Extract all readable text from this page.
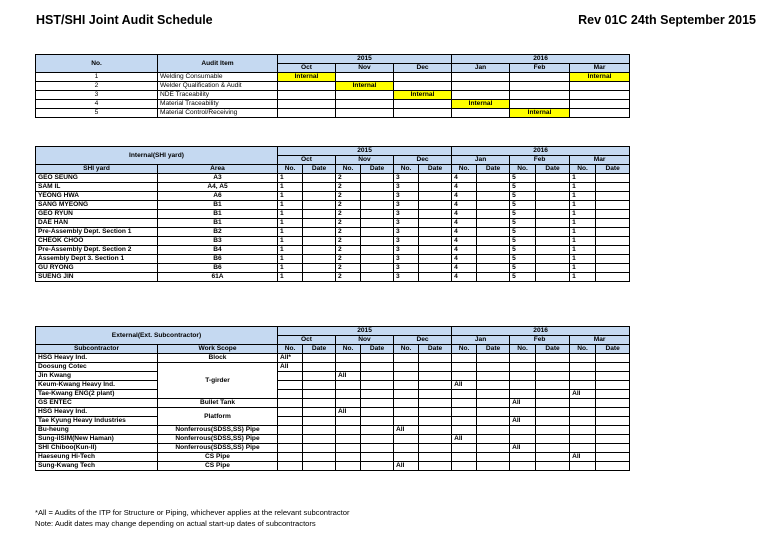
HST/SHI Joint Audit Schedule	Rev 01C 24th September 2015
No.	Audit Item	2015			2016		
		Oct	Nov	Dec	Jan	Feb	Mar
1	Welding Consumable	Internal					Internal
2	Welder Qualification & Audit		Internal				
3	NDE Traceability			Internal			
4	Material Traceability				Internal		
5	Material Control/Receiving					Internal	
Internal(SHI yard)		2015						2016					
		Oct		Nov		Dec		Jan		Feb		Mar	
SHI yard	Area	No.	Date	No.	Date	No.	Date	No.	Date	No.	Date	No.	Date
GEO SEUNG	A3	1		2		3		4		5		1	
SAM IL	A4, A5	1		2		3		4		5		1	
YEONG HWA	A6	1		2		3		4		5		1	
SANG MYEONG	B1	1		2		3		4		5		1	
GEO RYUN	B1	1		2		3		4		5		1	
DAE HAN	B1	1		2		3		4		5		1	
Pre-Assembly Dept. Section 1	B2	1		2		3		4		5		1	
CHEOK CHOO	B3	1		2		3		4		5		1	
Pre-Assembly Dept. Section 2	B4	1		2		3		4		5		1	
Assembly Dept 3. Section 1	B6	1		2		3		4		5		1	
GU RYONG	B6	1		2		3		4		5		1	
SUENG JIN	61A	1		2		3		4		5		1	
External(Ext. Subcontractor)		2015						2016					
		Oct		Nov		Dec		Jan		Feb		Mar	
Subcontractor	Work Scope	No.	Date	No.	Date	No.	Date	No.	Date	No.	Date	No.	Date
HSG Heavy Ind.	Block	All*											
Doosung Cotec	T-girder	All											
Jin Kwang				All									
Keum-Kwang Heavy Ind.								All					
Tae-Kwang ENG(2 plant)												All	
GS ENTEC	Bullet Tank									All			
HSG Heavy Ind.	Platform			All									
Tae Kyung Heavy Industries										All			
Bu-heung	Nonferrous(SDSS,SS) Pipe					All							
Sung-ilSIM(New Haman)	Nonferrous(SDSS,SS) Pipe							All					
SHI Chiboo(Kun-Il)	Nonferrous(SDSS,SS) Pipe									All			
Haeseung Hi-Tech	CS Pipe											All	
Sung-Kwang Tech	CS Pipe					All							
*All = Audits of the ITP for Structure or Piping, whichever applies at the relevant subcontractor
Note: Audit dates may change depending on actual start-up dates of subcontractors
